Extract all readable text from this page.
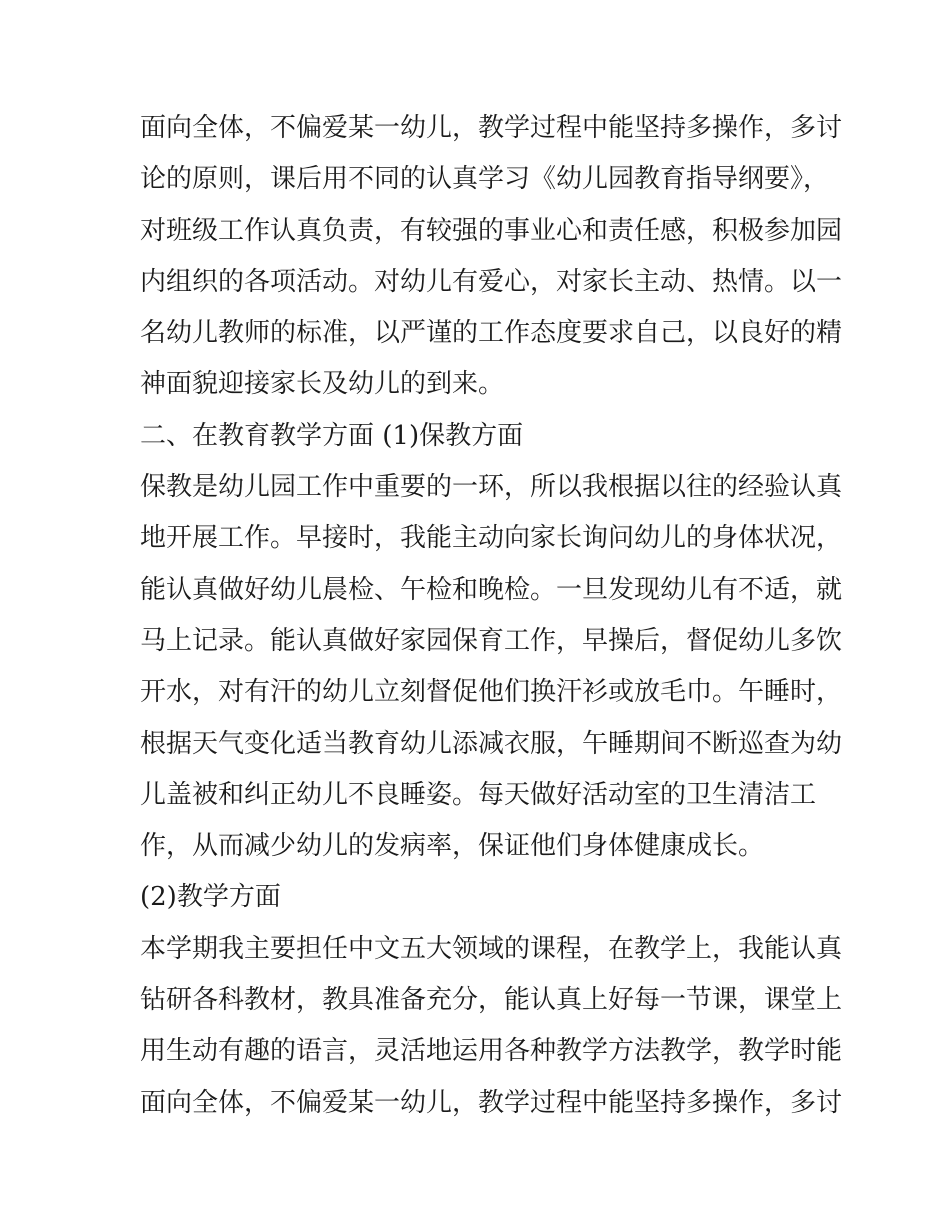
面向全体，不偏爱某一幼儿，教学过程中能坚持多操作，多讨
论的原则，课后用不同的认真学习《幼儿园教育指导纲要》，
对班级工作认真负责，有较强的事业心和责任感，积极参加园
内组织的各项活动。对幼儿有爱心，对家长主动、热情。以一
名幼儿教师的标准，以严谨的工作态度要求自己，以良好的精
神面貌迎接家长及幼儿的到来。
二、在教育教学方面 (1)保教方面
保教是幼儿园工作中重要的一环，所以我根据以往的经验认真
地开展工作。早接时，我能主动向家长询问幼儿的身体状况，
能认真做好幼儿晨检、午检和晚检。一旦发现幼儿有不适，就
马上记录。能认真做好家园保育工作，早操后，督促幼儿多饮
开水，对有汗的幼儿立刻督促他们换汗衫或放毛巾。午睡时，
根据天气变化适当教育幼儿添减衣服，午睡期间不断巡查为幼
儿盖被和纠正幼儿不良睡姿。每天做好活动室的卫生清洁工
作，从而减少幼儿的发病率，保证他们身体健康成长。
(2)教学方面
本学期我主要担任中文五大领域的课程，在教学上，我能认真
钻研各科教材，教具准备充分，能认真上好每一节课，课堂上
用生动有趣的语言，灵活地运用各种教学方法教学，教学时能
面向全体，不偏爱某一幼儿，教学过程中能坚持多操作，多讨
